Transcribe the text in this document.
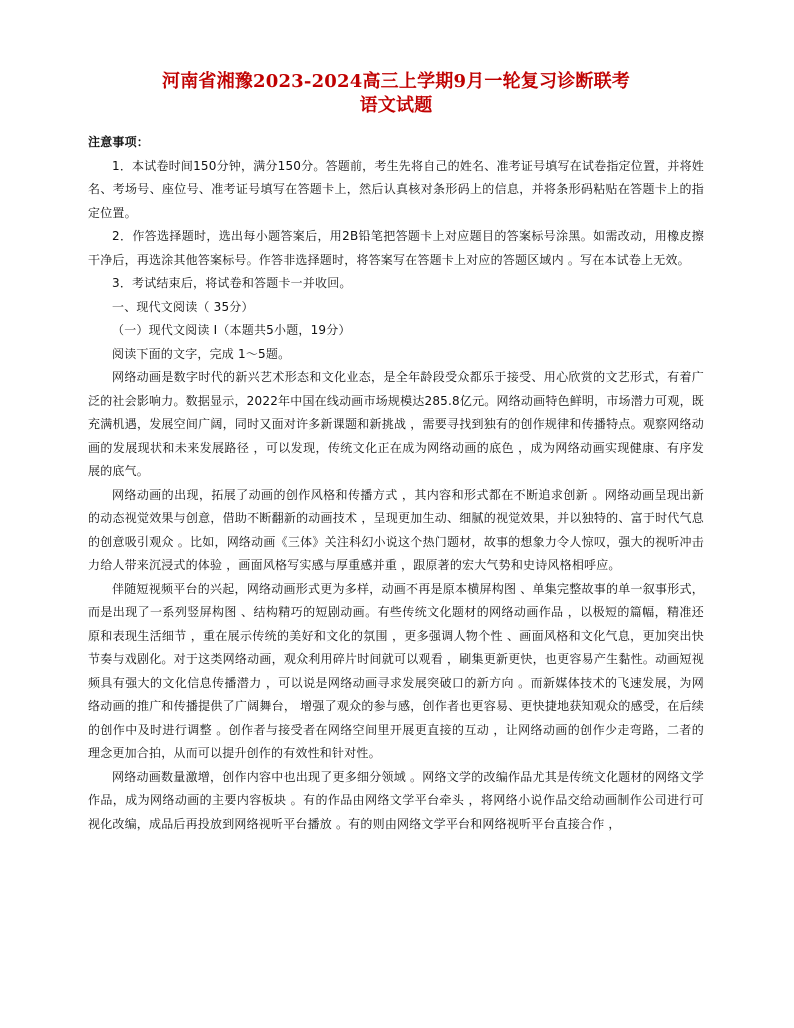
河南省湘豫2023-2024高三上学期9月一轮复习诊断联考
语文试题
注意事项：
1．本试卷时间150分钟，满分150分。答题前，考生先将自己的姓名、准考证号填写在试卷指定位置，并将姓名、考场号、座位号、准考证号填写在答题卡上，然后认真核对条形码上的信息，并将条形码粘贴在答题卡上的指定位置。
2．作答选择题时，选出每小题答案后，用2B铅笔把答题卡上对应题目的答案标号涂黑。如需改动，用橡皮擦干净后，再选涂其他答案标号。作答非选择题时，将答案写在答题卡上对应的答题区域内 。写在本试卷上无效。
3．考试结束后，将试卷和答题卡一并收回。
一、现代文阅读（ 35分）
（一）现代文阅读 I（本题共5小题，19分）
阅读下面的文字，完成 1～5题。
网络动画是数字时代的新兴艺术形态和文化业态，是全年龄段受众都乐于接受、用心欣赏的文艺形式，有着广泛的社会影响力。数据显示，2022年中国在线动画市场规模达285.8亿元。网络动画特色鲜明，市场潜力可观，既充满机遇，发展空间广阔，同时又面对许多新课题和新挑战 ，需要寻找到独有的创作规律和传播特点。观察网络动画的发展现状和未来发展路径 ，可以发现，传统文化正在成为网络动画的底色 ，成为网络动画实现健康、有序发展的底气。
网络动画的出现，拓展了动画的创作风格和传播方式 ，其内容和形式都在不断追求创新 。网络动画呈现出新的动态视觉效果与创意，借助不断翻新的动画技术 ，呈现更加生动、细腻的视觉效果，并以独特的、富于时代气息的创意吸引观众 。比如，网络动画《三体》关注科幻小说这个热门题材，故事的想象力令人惊叹，强大的视听冲击力给人带来沉浸式的体验 ，画面风格写实感与厚重感并重 ，跟原著的宏大气势和史诗风格相呼应。
伴随短视频平台的兴起，网络动画形式更为多样，动画不再是原本横屏构图 、单集完整故事的单一叙事形式，而是出现了一系列竖屏构图 、结构精巧的短剧动画。有些传统文化题材的网络动画作品 ，以极短的篇幅，精准还原和表现生活细节 ，重在展示传统的美好和文化的氛围 ，更多强调人物个性 、画面风格和文化气息，更加突出快节奏与戏剧化。对于这类网络动画，观众利用碎片时间就可以观看 ，刷集更新更快，也更容易产生黏性。动画短视频具有强大的文化信息传播潜力 ，可以说是网络动画寻求发展突破口的新方向 。而新媒体技术的飞速发展，为网络动画的推广和传播提供了广阔舞台， 增强了观众的参与感，创作者也更容易、更快捷地获知观众的感受，在后续的创作中及时进行调整 。创作者与接受者在网络空间里开展更直接的互动 ，让网络动画的创作少走弯路，二者的理念更加合拍，从而可以提升创作的有效性和针对性。
网络动画数量激增，创作内容中也出现了更多细分领域 。网络文学的改编作品尤其是传统文化题材的网络文学作品，成为网络动画的主要内容板块 。有的作品由网络文学平台牵头 ，将网络小说作品交给动画制作公司进行可视化改编，成品后再投放到网络视听平台播放 。有的则由网络文学平台和网络视听平台直接合作 ，
